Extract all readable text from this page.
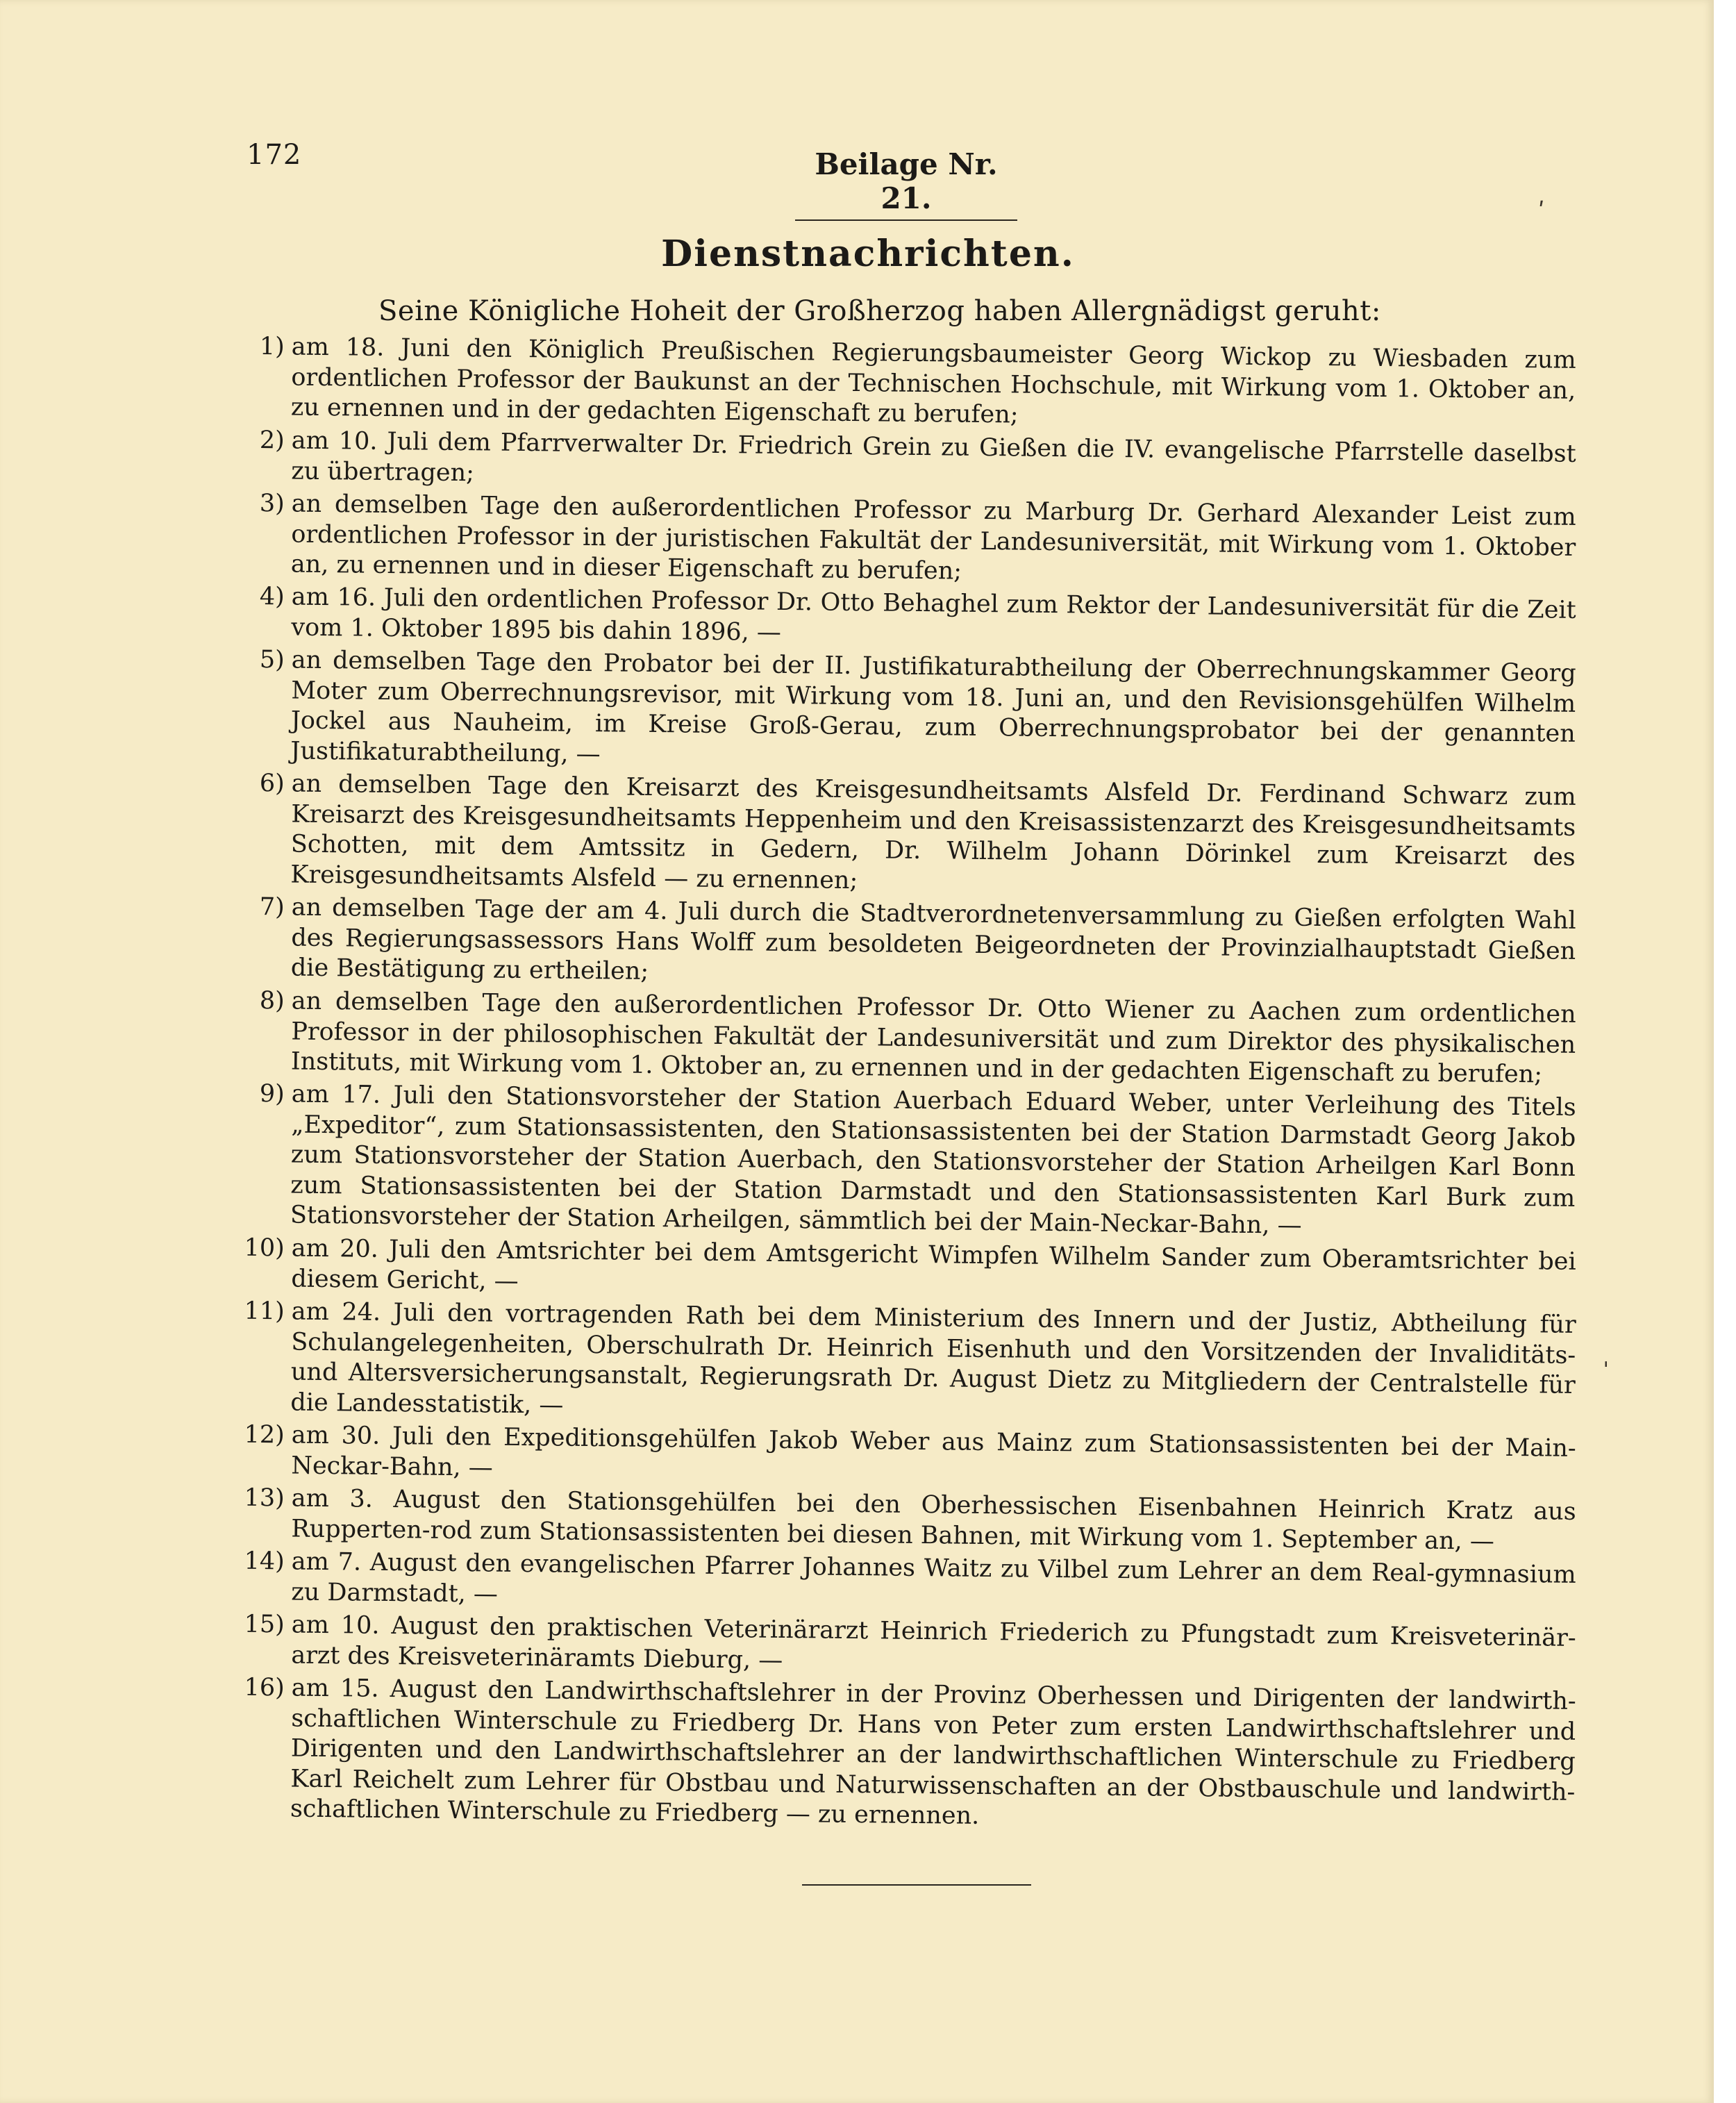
172	Beilage Nr. 21.
Dienstnachrichten.
Seine Königliche Hoheit der Großherzog haben Allergnädigst geruht:
1) am 18. Juni den Königlich Preußischen Regierungsbaumeister Georg Wickop zu Wiesbaden zum ordentlichen Professor der Baukunst an der Technischen Hochschule, mit Wirkung vom 1. Oktober an, zu ernennen und in der gedachten Eigenschaft zu berufen;
2) am 10. Juli dem Pfarrverwalter Dr. Friedrich Grein zu Gießen die IV. evangelische Pfarrstelle daselbst zu übertragen;
3) an demselben Tage den außerordentlichen Professor zu Marburg Dr. Gerhard Alexander Leist zum ordentlichen Professor in der juristischen Fakultät der Landesuniversität, mit Wirkung vom 1. Oktober an, zu ernennen und in dieser Eigenschaft zu berufen;
4) am 16. Juli den ordentlichen Professor Dr. Otto Behaghel zum Rektor der Landesuniversität für die Zeit vom 1. Oktober 1895 bis dahin 1896, —
5) an demselben Tage den Probator bei der II. Justifikaturabtheilung der Oberrechnungskammer Georg Moter zum Oberrechnungsrevisor, mit Wirkung vom 18. Juni an, und den Revisionsgehülfen Wilhelm Jockel aus Nauheim, im Kreise Groß-Gerau, zum Oberrechnungsprobator bei der genannten Justifikaturabtheilung, —
6) an demselben Tage den Kreisarzt des Kreisgesundheitsamts Alsfeld Dr. Ferdinand Schwarz zum Kreisarzt des Kreisgesundheitsamts Heppenheim und den Kreisassistenzarzt des Kreisgesundheitsamts Schotten, mit dem Amtssitz in Gedern, Dr. Wilhelm Johann Dörinkel zum Kreisarzt des Kreisgesundheitsamts Alsfeld — zu ernennen;
7) an demselben Tage der am 4. Juli durch die Stadtverordnetenversammlung zu Gießen erfolgten Wahl des Regierungsassessors Hans Wolff zum besoldeten Beigeordneten der Provinzialhauptstadt Gießen die Bestätigung zu ertheilen;
8) an demselben Tage den außerordentlichen Professor Dr. Otto Wiener zu Aachen zum ordentlichen Professor in der philosophischen Fakultät der Landesuniversität und zum Direktor des physikalischen Instituts, mit Wirkung vom 1. Oktober an, zu ernennen und in der gedachten Eigenschaft zu berufen;
9) am 17. Juli den Stationsvorsteher der Station Auerbach Eduard Weber, unter Verleihung des Titels „Expeditor“, zum Stationsassistenten, den Stationsassistenten bei der Station Darmstadt Georg Jakob zum Stationsvorsteher der Station Auerbach, den Stationsvorsteher der Station Arheilgen Karl Bonn zum Stationsassistenten bei der Station Darmstadt und den Stationsassistenten Karl Burk zum Stationsvorsteher der Station Arheilgen, sämmtlich bei der Main-Neckar-Bahn, —
10) am 20. Juli den Amtsrichter bei dem Amtsgericht Wimpfen Wilhelm Sander zum Oberamtsrichter bei diesem Gericht, —
11) am 24. Juli den vortragenden Rath bei dem Ministerium des Innern und der Justiz, Abtheilung für Schulangelegenheiten, Oberschulrath Dr. Heinrich Eisenhuth und den Vorsitzenden der Invaliditäts- und Altersversicherungsanstalt, Regierungsrath Dr. August Dietz zu Mitgliedern der Centralstelle für die Landesstatistik, —
12) am 30. Juli den Expeditionsgehülfen Jakob Weber aus Mainz zum Stationsassistenten bei der Main-Neckar-Bahn, —
13) am 3. August den Stationsgehülfen bei den Oberhessischen Eisenbahnen Heinrich Kratz aus Rupperten-rod zum Stationsassistenten bei diesen Bahnen, mit Wirkung vom 1. September an, —
14) am 7. August den evangelischen Pfarrer Johannes Waitz zu Vilbel zum Lehrer an dem Real-gymnasium zu Darmstadt, —
15) am 10. August den praktischen Veterinärarzt Heinrich Friederich zu Pfungstadt zum Kreisveterinär-arzt des Kreisveterinäramts Dieburg, —
16) am 15. August den Landwirthschaftslehrer in der Provinz Oberhessen und Dirigenten der landwirth-schaftlichen Winterschule zu Friedberg Dr. Hans von Peter zum ersten Landwirthschaftslehrer und Dirigenten und den Landwirthschaftslehrer an der landwirthschaftlichen Winterschule zu Friedberg Karl Reichelt zum Lehrer für Obstbau und Naturwissenschaften an der Obstbauschule und landwirth-schaftlichen Winterschule zu Friedberg — zu ernennen.
ʹ
ˈ
